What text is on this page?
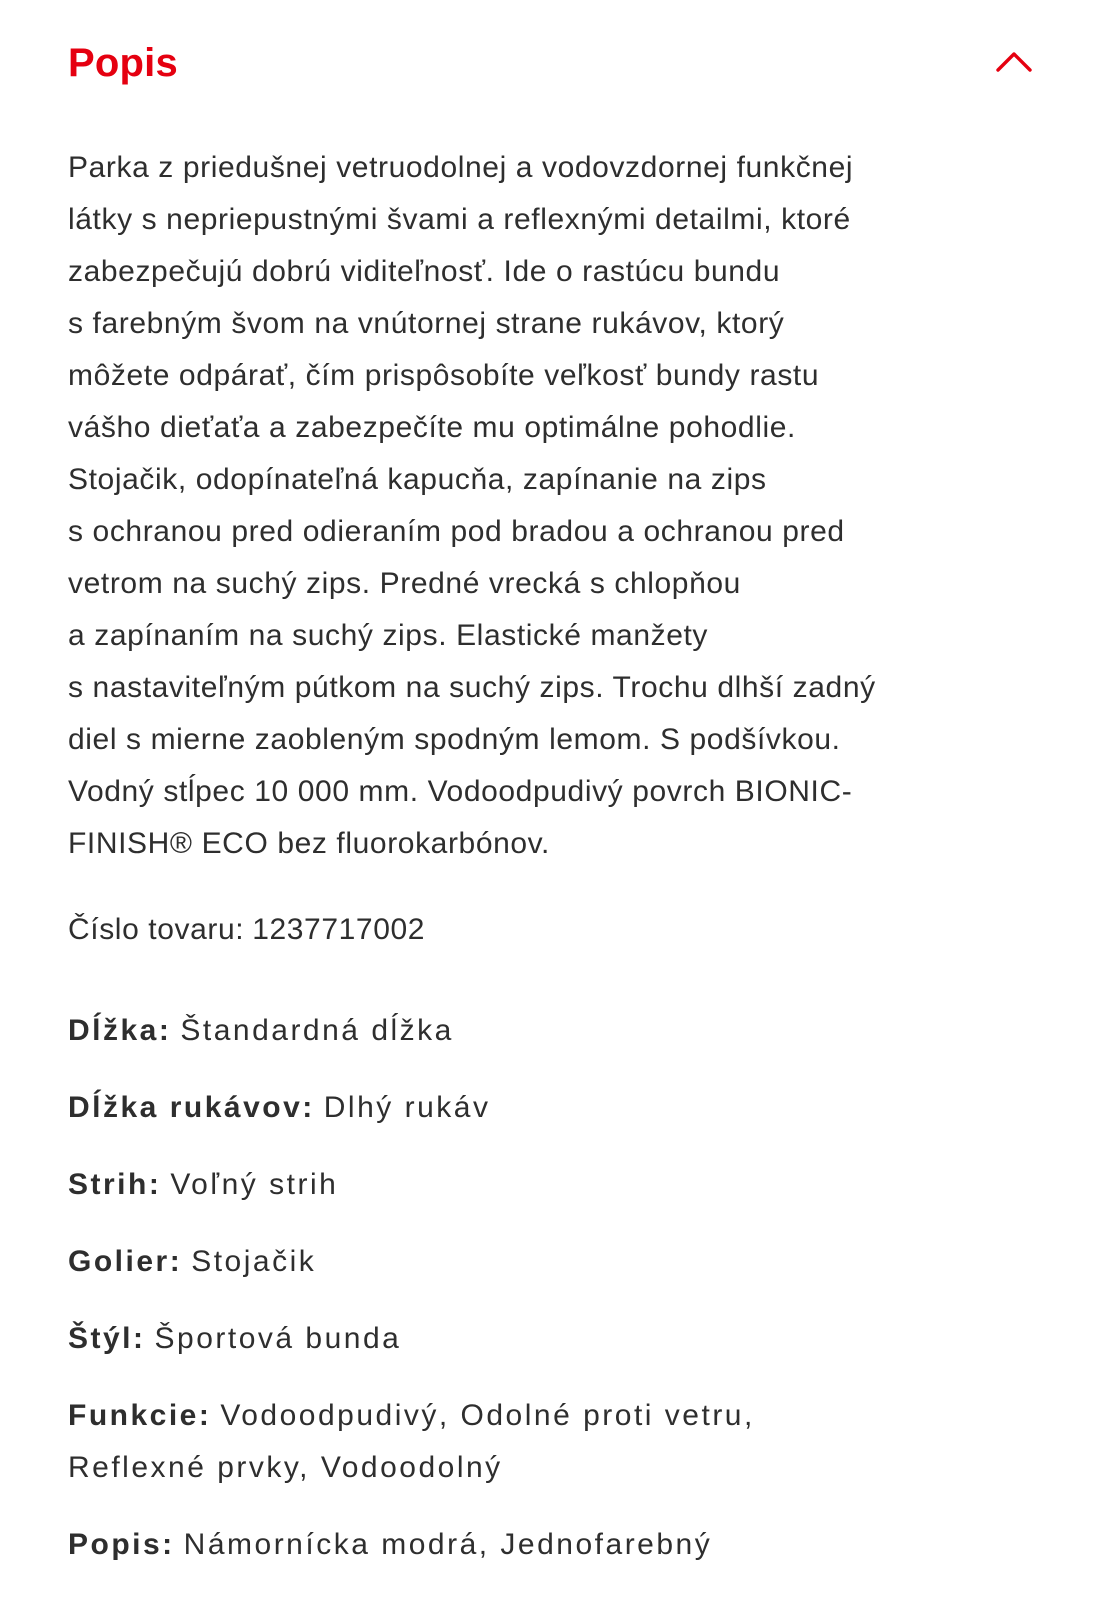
Popis
Parka z priedušnej vetruodolnej a vodovzdornej funkčnej
látky s nepriepustnými švami a reflexnými detailmi, ktoré
zabezpečujú dobrú viditeľnosť. Ide o rastúcu bundu
s farebným švom na vnútornej strane rukávov, ktorý
môžete odpárať, čím prispôsobíte veľkosť bundy rastu
vášho dieťaťa a zabezpečíte mu optimálne pohodlie.
Stojačik, odopínateľná kapucňa, zapínanie na zips
s ochranou pred odieraním pod bradou a ochranou pred
vetrom na suchý zips. Predné vrecká s chlopňou
a zapínaním na suchý zips. Elastické manžety
s nastaviteľným pútkom na suchý zips. Trochu dlhší zadný
diel s mierne zaobleným spodným lemom. S podšívkou.
Vodný stĺpec 10 000 mm. Vodoodpudivý povrch BIONIC-
FINISH® ECO bez fluorokarbónov.

Číslo tovaru: 1237717002

Dĺžka: Štandardná dĺžka

Dĺžka rukávov: Dlhý rukáv

Strih: Voľný strih

Golier: Stojačik

Štýl: Športová bunda

Funkcie: Vodoodpudivý, Odolné proti vetru,
Reflexné prvky, Vodoodolný

Popis: Námornícka modrá, Jednofarebný
